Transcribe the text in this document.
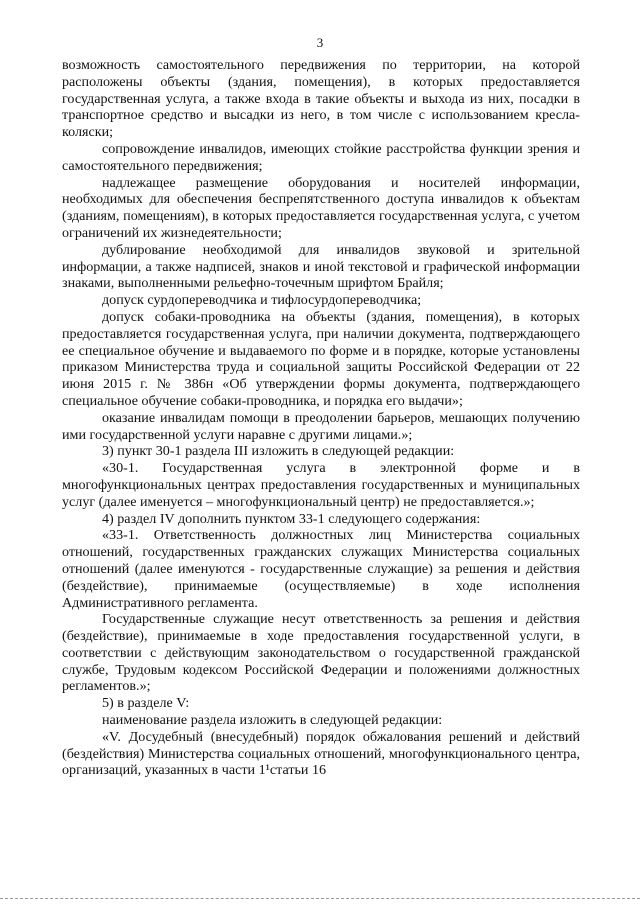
3

возможность самостоятельного передвижения по территории, на которой расположены объекты (здания, помещения), в которых предоставляется государственная услуга, а также входа в такие объекты и выхода из них, посадки в транспортное средство и высадки из него, в том числе с использованием кресла-коляски;

сопровождение инвалидов, имеющих стойкие расстройства функции зрения и самостоятельного передвижения;

надлежащее размещение оборудования и носителей информации, необходимых для обеспечения беспрепятственного доступа инвалидов к объектам (зданиям, помещениям), в которых предоставляется государственная услуга, с учетом ограничений их жизнедеятельности;

дублирование необходимой для инвалидов звуковой и зрительной информации, а также надписей, знаков и иной текстовой и графической информации знаками, выполненными рельефно-точечным шрифтом Брайля;

допуск сурдопереводчика и тифлосурдопереводчика;

допуск собаки-проводника на объекты (здания, помещения), в которых предоставляется государственная услуга, при наличии документа, подтверждающего ее специальное обучение и выдаваемого по форме и в порядке, которые установлены приказом Министерства труда и социальной защиты Российской Федерации от 22 июня 2015 г. № 386н «Об утверждении формы документа, подтверждающего специальное обучение собаки-проводника, и порядка его выдачи»;

оказание инвалидам помощи в преодолении барьеров, мешающих получению ими государственной услуги наравне с другими лицами.»;

3) пункт 30-1 раздела III изложить в следующей редакции:

«30-1. Государственная услуга в электронной форме и в многофункциональных центрах предоставления государственных и муниципальных услуг (далее именуется – многофункциональный центр) не предоставляется.»;

4) раздел IV дополнить пунктом 33-1 следующего содержания:

«33-1. Ответственность должностных лиц Министерства социальных отношений, государственных гражданских служащих Министерства социальных отношений (далее именуются - государственные служащие) за решения и действия (бездействие), принимаемые (осуществляемые) в ходе исполнения Административного регламента.

Государственные служащие несут ответственность за решения и действия (бездействие), принимаемые в ходе предоставления государственной услуги, в соответствии с действующим законодательством о государственной гражданской службе, Трудовым кодексом Российской Федерации и положениями должностных регламентов.»;

5) в разделе V:

наименование раздела изложить в следующей редакции:

«V. Досудебный (внесудебный) порядок обжалования решений и действий (бездействия) Министерства социальных отношений, многофункционального центра, организаций, указанных в части 1¹статьи 16
